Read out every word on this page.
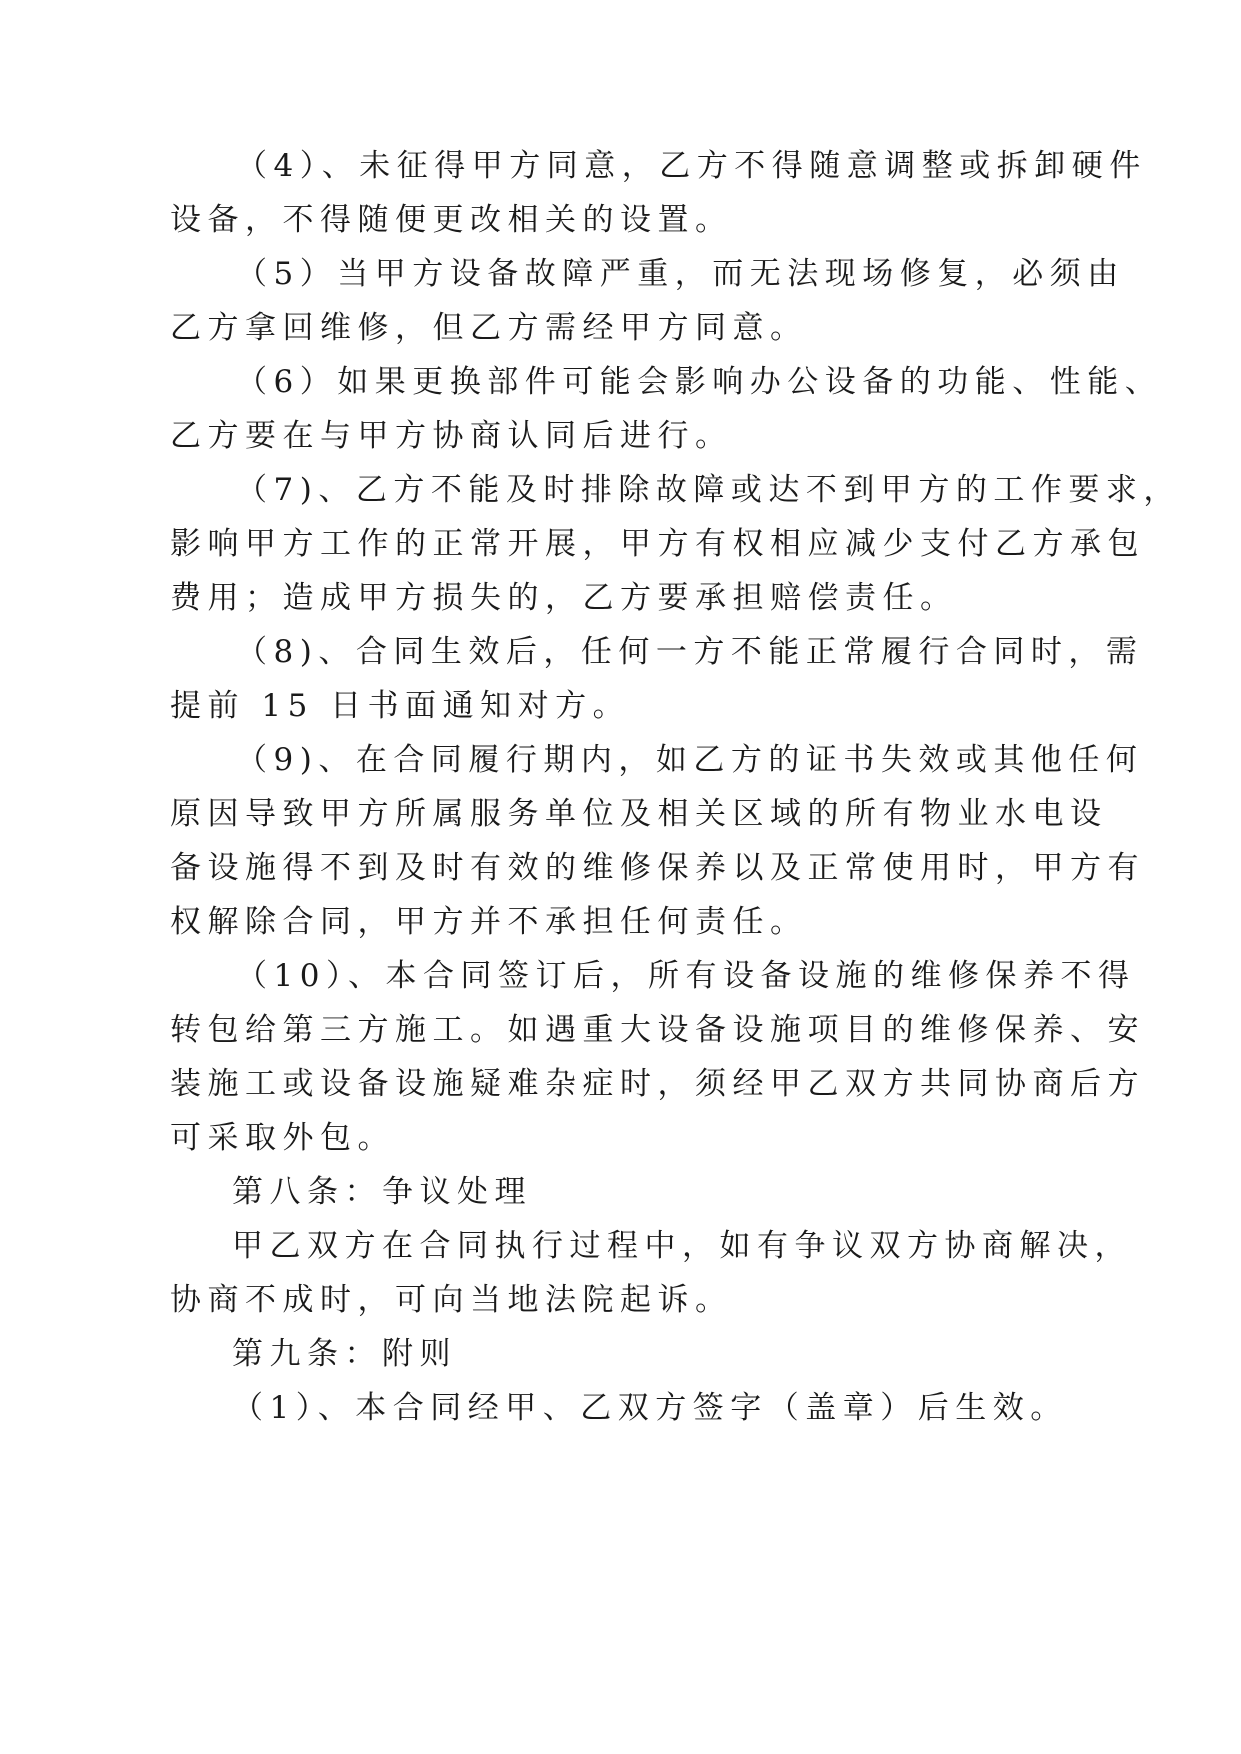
（4）、未征得甲方同意，乙方不得随意调整或拆卸硬件
设备，不得随便更改相关的设置。
（5）当甲方设备故障严重，而无法现场修复，必须由
乙方拿回维修，但乙方需经甲方同意。
（6）如果更换部件可能会影响办公设备的功能、性能、
乙方要在与甲方协商认同后进行。
（7)、乙方不能及时排除故障或达不到甲方的工作要求，
影响甲方工作的正常开展，甲方有权相应减少支付乙方承包
费用；造成甲方损失的，乙方要承担赔偿责任。
（8)、合同生效后，任何一方不能正常履行合同时，需
提前 15 日书面通知对方。
（9)、在合同履行期内，如乙方的证书失效或其他任何
原因导致甲方所属服务单位及相关区域的所有物业水电设
备设施得不到及时有效的维修保养以及正常使用时，甲方有
权解除合同，甲方并不承担任何责任。
（10）、本合同签订后，所有设备设施的维修保养不得
转包给第三方施工。如遇重大设备设施项目的维修保养、安
装施工或设备设施疑难杂症时，须经甲乙双方共同协商后方
可采取外包。
第八条：争议处理
甲乙双方在合同执行过程中，如有争议双方协商解决，
协商不成时，可向当地法院起诉。
第九条：附则
（1）、本合同经甲、乙双方签字（盖章）后生效。
